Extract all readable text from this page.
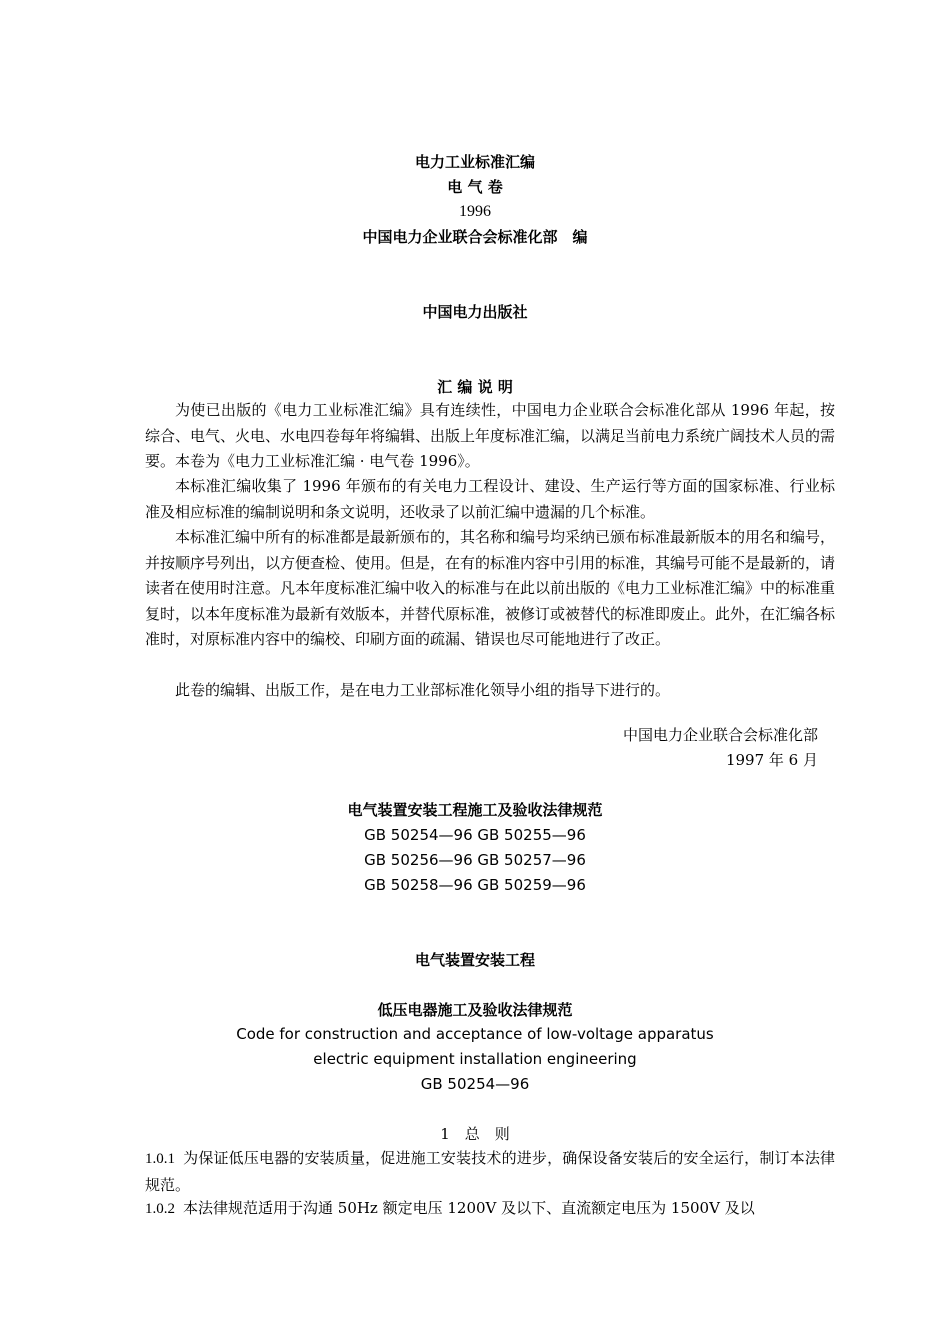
电力工业标准汇编
电 气 卷
1996
中国电力企业联合会标准化部　编
中国电力出版社
汇 编 说 明
为使已出版的《电力工业标准汇编》具有连续性，中国电力企业联合会标准化部从 1996 年起，按综合、电气、火电、水电四卷每年将编辑、出版上年度标准汇编，以满足当前电力系统广阔技术人员的需要。本卷为《电力工业标准汇编 · 电气卷 1996》。
本标准汇编收集了 1996 年颁布的有关电力工程设计、建设、生产运行等方面的国家标准、行业标准及相应标准的编制说明和条文说明，还收录了以前汇编中遗漏的几个标准。
本标准汇编中所有的标准都是最新颁布的，其名称和编号均采纳已颁布标准最新版本的用名和编号，并按顺序号列出，以方便查检、使用。但是，在有的标准内容中引用的标准，其编号可能不是最新的，请读者在使用时注意。凡本年度标准汇编中收入的标准与在此以前出版的《电力工业标准汇编》中的标准重复时，以本年度标准为最新有效版本，并替代原标准，被修订或被替代的标准即废止。此外，在汇编各标准时，对原标准内容中的编校、印刷方面的疏漏、错误也尽可能地进行了改正。
此卷的编辑、出版工作，是在电力工业部标准化领导小组的指导下进行的。
中国电力企业联合会标准化部
1997 年 6 月
电气装置安装工程施工及验收法律规范
GB 50254—96 GB 50255—96
GB 50256—96 GB 50257—96
GB 50258—96 GB 50259—96
电气装置安装工程
低压电器施工及验收法律规范
Code for construction and acceptance of low-voltage apparatus
electric equipment installation engineering
GB 50254—96
1　总　则
1.0.1 为保证低压电器的安装质量，促进施工安装技术的进步，确保设备安装后的安全运行，制订本法律规范。
1.0.2 本法律规范适用于沟通 50Hz 额定电压 1200V 及以下、直流额定电压为 1500V 及以
